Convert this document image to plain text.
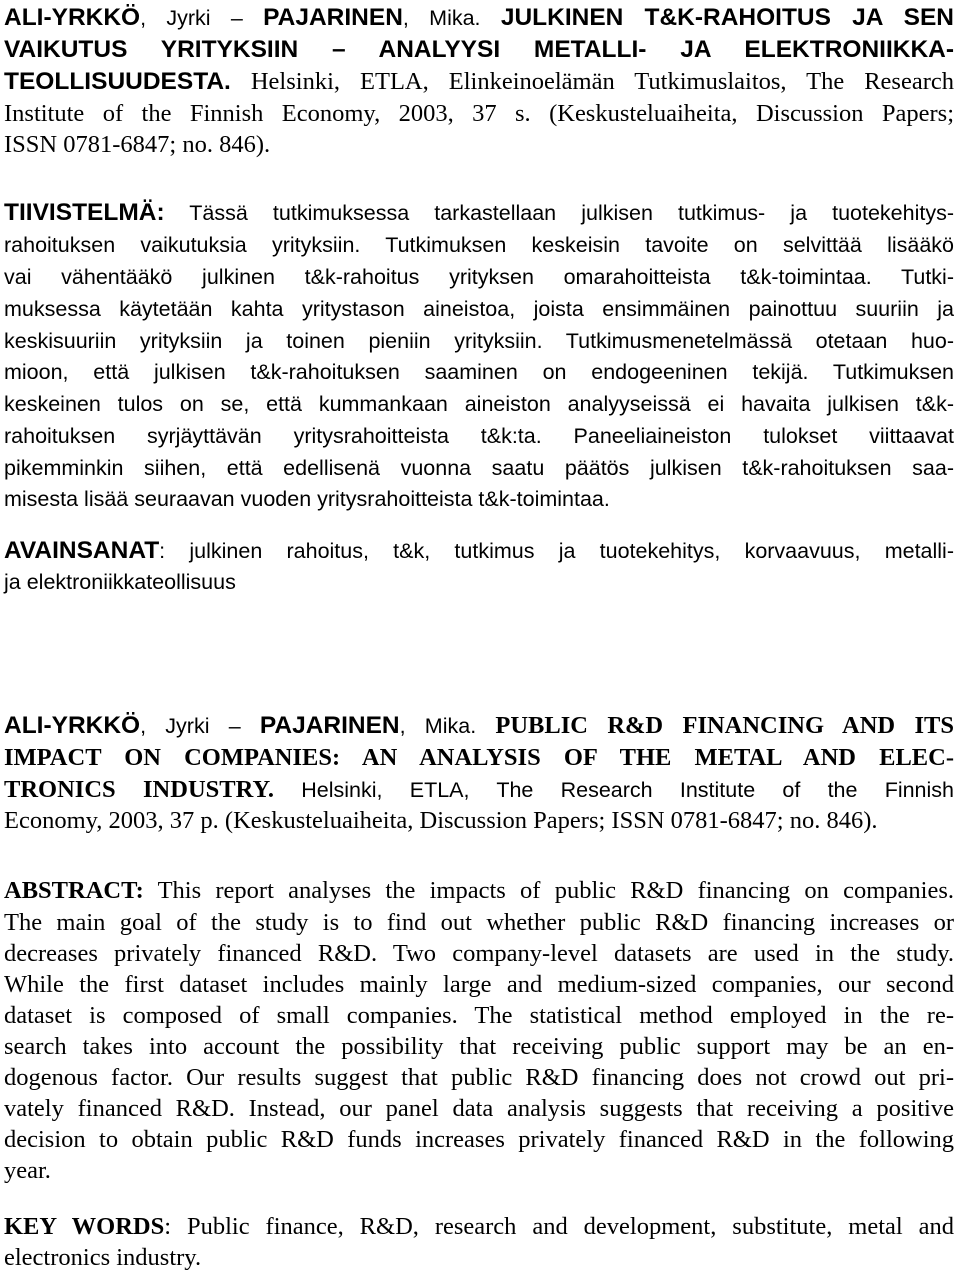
ALI-YRKKÖ, Jyrki – PAJARINEN, Mika. JULKINEN T&K-RAHOITUS JA SEN
VAIKUTUS YRITYKSIIN – ANALYYSI METALLI- JA ELEKTRONIIKKA-
TEOLLISUUDESTA. Helsinki, ETLA, Elinkeinoelämän Tutkimuslaitos, The Research
Institute of the Finnish Economy, 2003, 37 s. (Keskusteluaiheita, Discussion Papers;
ISSN 0781-6847; no. 846).
TIIVISTELMÄ: Tässä tutkimuksessa tarkastellaan julkisen tutkimus- ja tuotekehitys-
rahoituksen vaikutuksia yrityksiin. Tutkimuksen keskeisin tavoite on selvittää lisääkö
vai vähentääkö julkinen t&k-rahoitus yrityksen omarahoitteista t&k-toimintaa. Tutki-
muksessa käytetään kahta yritystason aineistoa, joista ensimmäinen painottuu suuriin ja
keskisuuriin yrityksiin ja toinen pieniin yrityksiin. Tutkimusmenetelmässä otetaan huo-
mioon, että julkisen t&k-rahoituksen saaminen on endogeeninen tekijä. Tutkimuksen
keskeinen tulos on se, että kummankaan aineiston analyyseissä ei havaita julkisen t&k-
rahoituksen syrjäyttävän yritysrahoitteista t&k:ta. Paneeliaineiston tulokset viittaavat
pikemminkin siihen, että edellisenä vuonna saatu päätös julkisen t&k-rahoituksen saa-
misesta lisää seuraavan vuoden yritysrahoitteista t&k-toimintaa.
AVAINSANAT: julkinen rahoitus, t&k, tutkimus ja tuotekehitys, korvaavuus, metalli-
ja elektroniikkateollisuus
ALI-YRKKÖ, Jyrki – PAJARINEN, Mika. PUBLIC R&D FINANCING AND ITS
IMPACT ON COMPANIES: AN ANALYSIS OF THE METAL AND ELEC-
TRONICS INDUSTRY. Helsinki, ETLA, The Research Institute of the Finnish
Economy, 2003, 37 p. (Keskusteluaiheita, Discussion Papers; ISSN 0781-6847; no. 846).
ABSTRACT: This report analyses the impacts of public R&D financing on companies.
The main goal of the study is to find out whether public R&D financing increases or
decreases privately financed R&D. Two company-level datasets are used in the study.
While the first dataset includes mainly large and medium-sized companies, our second
dataset is composed of small companies. The statistical method employed in the re-
search takes into account the possibility that receiving public support may be an en-
dogenous factor. Our results suggest that public R&D financing does not crowd out pri-
vately financed R&D. Instead, our panel data analysis suggests that receiving a positive
decision to obtain public R&D funds increases privately financed R&D in the following
year.
KEY WORDS: Public finance, R&D, research and development, substitute, metal and
electronics industry.
